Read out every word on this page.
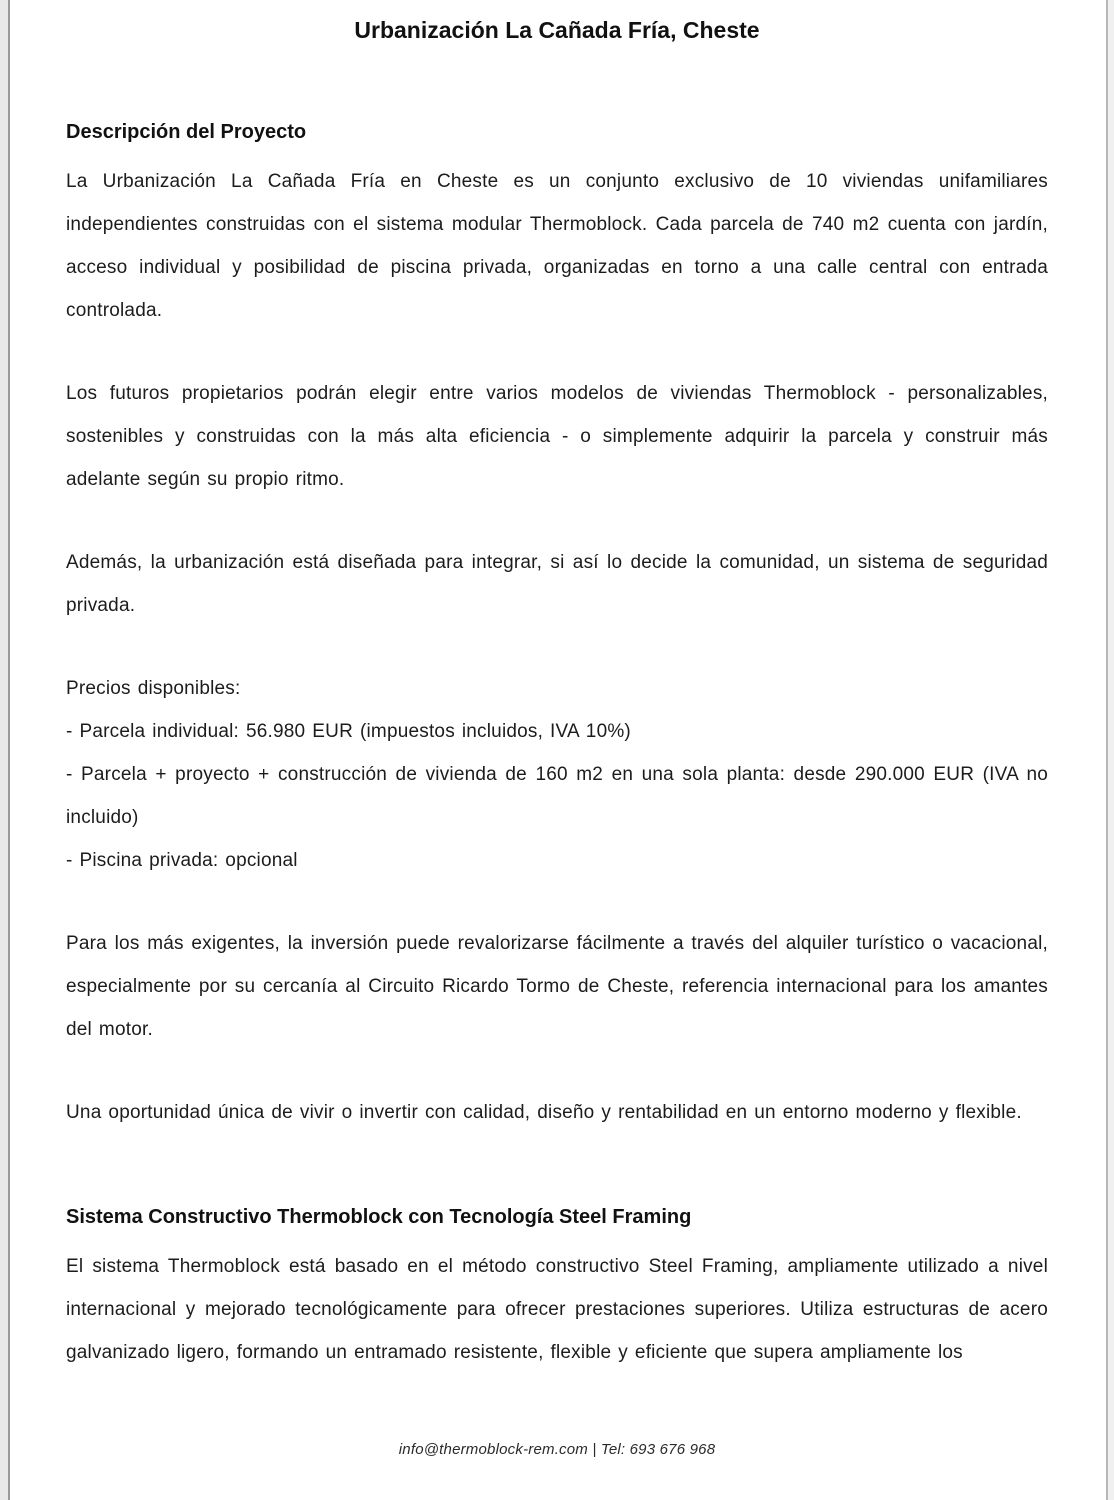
Urbanización La Cañada Fría, Cheste
Descripción del Proyecto

La Urbanización La Cañada Fría en Cheste es un conjunto exclusivo de 10 viviendas unifamiliares independientes construidas con el sistema modular Thermoblock. Cada parcela de 740 m2 cuenta con jardín, acceso individual y posibilidad de piscina privada, organizadas en torno a una calle central con entrada controlada.

Los futuros propietarios podrán elegir entre varios modelos de viviendas Thermoblock - personalizables, sostenibles y construidas con la más alta eficiencia - o simplemente adquirir la parcela y construir más adelante según su propio ritmo.

Además, la urbanización está diseñada para integrar, si así lo decide la comunidad, un sistema de seguridad privada.

Precios disponibles:
- Parcela individual: 56.980 EUR (impuestos incluidos, IVA 10%)
- Parcela + proyecto + construcción de vivienda de 160 m2 en una sola planta: desde 290.000 EUR (IVA no incluido)
- Piscina privada: opcional

Para los más exigentes, la inversión puede revalorizarse fácilmente a través del alquiler turístico o vacacional, especialmente por su cercanía al Circuito Ricardo Tormo de Cheste, referencia internacional para los amantes del motor.

Una oportunidad única de vivir o invertir con calidad, diseño y rentabilidad en un entorno moderno y flexible.

Sistema Constructivo Thermoblock con Tecnología Steel Framing

El sistema Thermoblock está basado en el método constructivo Steel Framing, ampliamente utilizado a nivel internacional y mejorado tecnológicamente para ofrecer prestaciones superiores. Utiliza estructuras de acero galvanizado ligero, formando un entramado resistente, flexible y eficiente que supera ampliamente los

info@thermoblock-rem.com | Tel: 693 676 968
